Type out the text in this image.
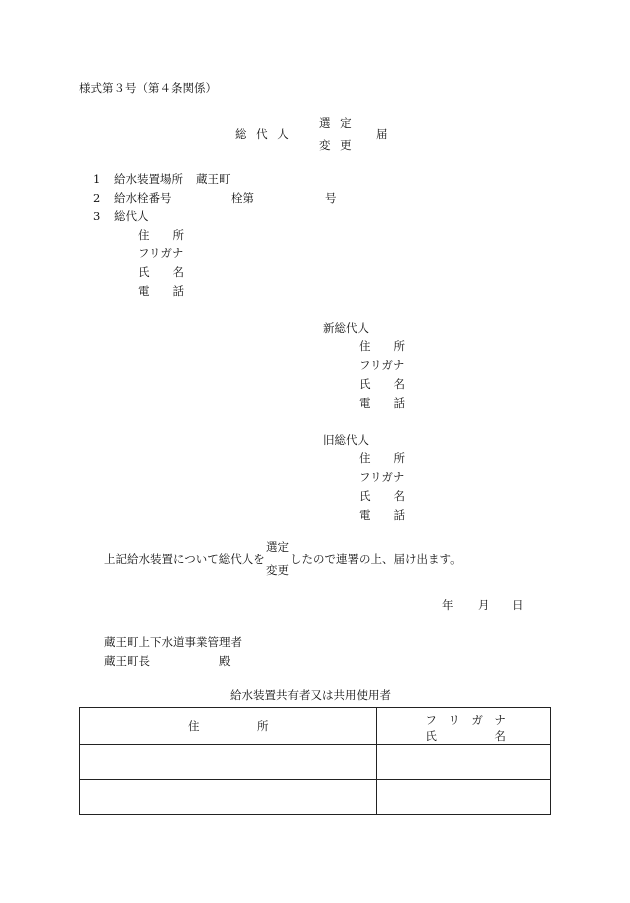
様式第３号（第４条関係）
総 代 人
選 定
変 更
届
1 給水装置場所 蔵王町
2 給水栓番号	栓第	号
3 総代人
住　　所
フリガナ
氏　　名
電　　話
新総代人
住　　所
フリガナ
氏　　名
電　　話
旧総代人
住　　所
フリガナ
氏　　名
電　　話
上記給水装置について総代人を
選定
変更
したので連署の上、届け出ます。
年 月 日
蔵王町上下水道事業管理者
蔵王町長	殿
給水装置共有者又は共用使用者
住　　　　　所	フ　リ　ガ　ナ
氏　　　　　名
